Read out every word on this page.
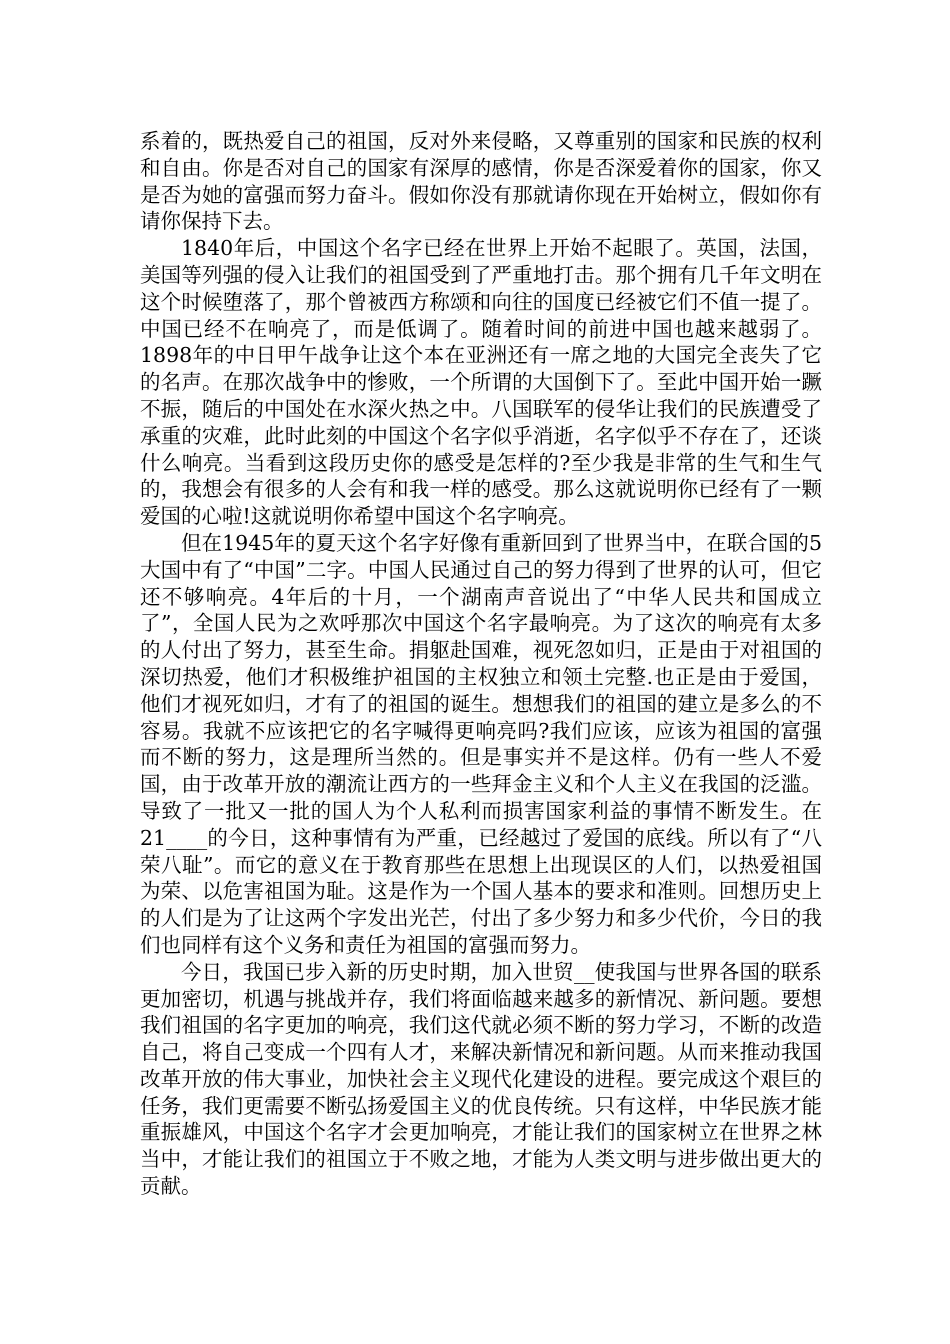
系着的，既热爱自己的祖国，反对外来侵略，又尊重别的国家和民族的权利和自由。你是否对自己的国家有深厚的感情，你是否深爱着你的国家，你又是否为她的富强而努力奋斗。假如你没有那就请你现在开始树立，假如你有请你保持下去。

1840年后，中国这个名字已经在世界上开始不起眼了。英国，法国，美国等列强的侵入让我们的祖国受到了严重地打击。那个拥有几千年文明在这个时候堕落了，那个曾被西方称颂和向往的国度已经被它们不值一提了。中国已经不在响亮了，而是低调了。随着时间的前进中国也越来越弱了。1898年的中日甲午战争让这个本在亚洲还有一席之地的大国完全丧失了它的名声。在那次战争中的惨败，一个所谓的大国倒下了。至此中国开始一蹶不振，随后的中国处在水深火热之中。八国联军的侵华让我们的民族遭受了承重的灾难，此时此刻的中国这个名字似乎消逝，名字似乎不存在了，还谈什么响亮。当看到这段历史你的感受是怎样的?至少我是非常的生气和生气的，我想会有很多的人会有和我一样的感受。那么这就说明你已经有了一颗爱国的心啦!这就说明你希望中国这个名字响亮。

但在1945年的夏天这个名字好像有重新回到了世界当中，在联合国的5大国中有了“中国”二字。中国人民通过自己的努力得到了世界的认可，但它还不够响亮。4年后的十月，一个湖南声音说出了“中华人民共和国成立了”，全国人民为之欢呼那次中国这个名字最响亮。为了这次的响亮有太多的人付出了努力，甚至生命。捐躯赴国难，视死忽如归，正是由于对祖国的深切热爱，他们才积极维护祖国的主权独立和领土完整.也正是由于爱国，他们才视死如归，才有了的祖国的诞生。想想我们的祖国的建立是多么的不容易。我就不应该把它的名字喊得更响亮吗?我们应该，应该为祖国的富强而不断的努力，这是理所当然的。但是事实并不是这样。仍有一些人不爱国，由于改革开放的潮流让西方的一些拜金主义和个人主义在我国的泛滥。导致了一批又一批的国人为个人私利而损害国家利益的事情不断发生。在21____的今日，这种事情有为严重，已经越过了爱国的底线。所以有了“八荣八耻”。而它的意义在于教育那些在思想上出现误区的人们，以热爱祖国为荣、以危害祖国为耻。这是作为一个国人基本的要求和准则。回想历史上的人们是为了让这两个字发出光芒，付出了多少努力和多少代价，今日的我们也同样有这个义务和责任为祖国的富强而努力。

今日，我国已步入新的历史时期，加入世贸__使我国与世界各国的联系更加密切，机遇与挑战并存，我们将面临越来越多的新情况、新问题。要想我们祖国的名字更加的响亮，我们这代就必须不断的努力学习，不断的改造自己，将自己变成一个四有人才，来解决新情况和新问题。从而来推动我国改革开放的伟大事业，加快社会主义现代化建设的进程。要完成这个艰巨的任务，我们更需要不断弘扬爱国主义的优良传统。只有这样，中华民族才能重振雄风，中国这个名字才会更加响亮，才能让我们的国家树立在世界之林当中，才能让我们的祖国立于不败之地，才能为人类文明与进步做出更大的贡献。
